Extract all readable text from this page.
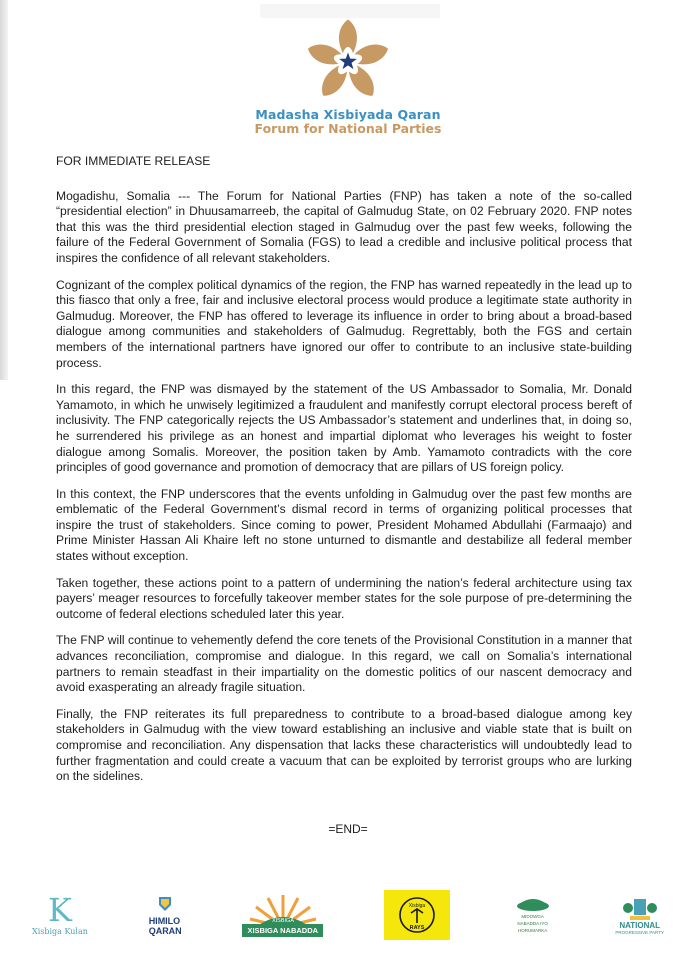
Madasha Xisbiyada Qaran
Forum for National Parties
FOR IMMEDIATE RELEASE

Mogadishu, Somalia --- The Forum for National Parties (FNP) has taken a note of the so-called “presidential election” in Dhuusamarreeb, the capital of Galmudug State, on 02 February 2020. FNP notes that this was the third presidential election staged in Galmudug over the past few weeks, following the failure of the Federal Government of Somalia (FGS) to lead a credible and inclusive political process that inspires the confidence of all relevant stakeholders.

Cognizant of the complex political dynamics of the region, the FNP has warned repeatedly in the lead up to this fiasco that only a free, fair and inclusive electoral process would produce a legitimate state authority in Galmudug. Moreover, the FNP has offered to leverage its influence in order to bring about a broad-based dialogue among communities and stakeholders of Galmudug. Regrettably, both the FGS and certain members of the international partners have ignored our offer to contribute to an inclusive state-building process.

In this regard, the FNP was dismayed by the statement of the US Ambassador to Somalia, Mr. Donald Yamamoto, in which he unwisely legitimized a fraudulent and manifestly corrupt electoral process bereft of inclusivity. The FNP categorically rejects the US Ambassador’s statement and underlines that, in doing so, he surrendered his privilege as an honest and impartial diplomat who leverages his weight to foster dialogue among Somalis. Moreover, the position taken by Amb. Yamamoto contradicts with the core principles of good governance and promotion of democracy that are pillars of US foreign policy.

In this context, the FNP underscores that the events unfolding in Galmudug over the past few months are emblematic of the Federal Government’s dismal record in terms of organizing political processes that inspire the trust of stakeholders. Since coming to power, President Mohamed Abdullahi (Farmaajo) and Prime Minister Hassan Ali Khaire left no stone unturned to dismantle and destabilize all federal member states without exception.

Taken together, these actions point to a pattern of undermining the nation’s federal architecture using tax payers’ meager resources to forcefully takeover member states for the sole purpose of pre-determining the outcome of federal elections scheduled later this year.

The FNP will continue to vehemently defend the core tenets of the Provisional Constitution in a manner that advances reconciliation, compromise and dialogue. In this regard, we call on Somalia’s international partners to remain steadfast in their impartiality on the domestic politics of our nascent democracy and avoid exasperating an already fragile situation.

Finally, the FNP reiterates its full preparedness to contribute to a broad-based dialogue among key stakeholders in Galmudug with the view toward establishing an inclusive and viable state that is built on compromise and reconciliation. Any dispensation that lacks these characteristics will undoubtedly lead to further fragmentation and could create a vacuum that can be exploited by terrorist groups who are lurking on the sidelines.

=END=
K
Xisbiga Kulan
HIMILO
QARAN
XISBIGA
XISBIGA NABADDA
Xisbiga
RAYS
MIDOWGA
NABADDA IYO
HORUMARKA
NATIONAL
PROGRESSIVE PARTY
